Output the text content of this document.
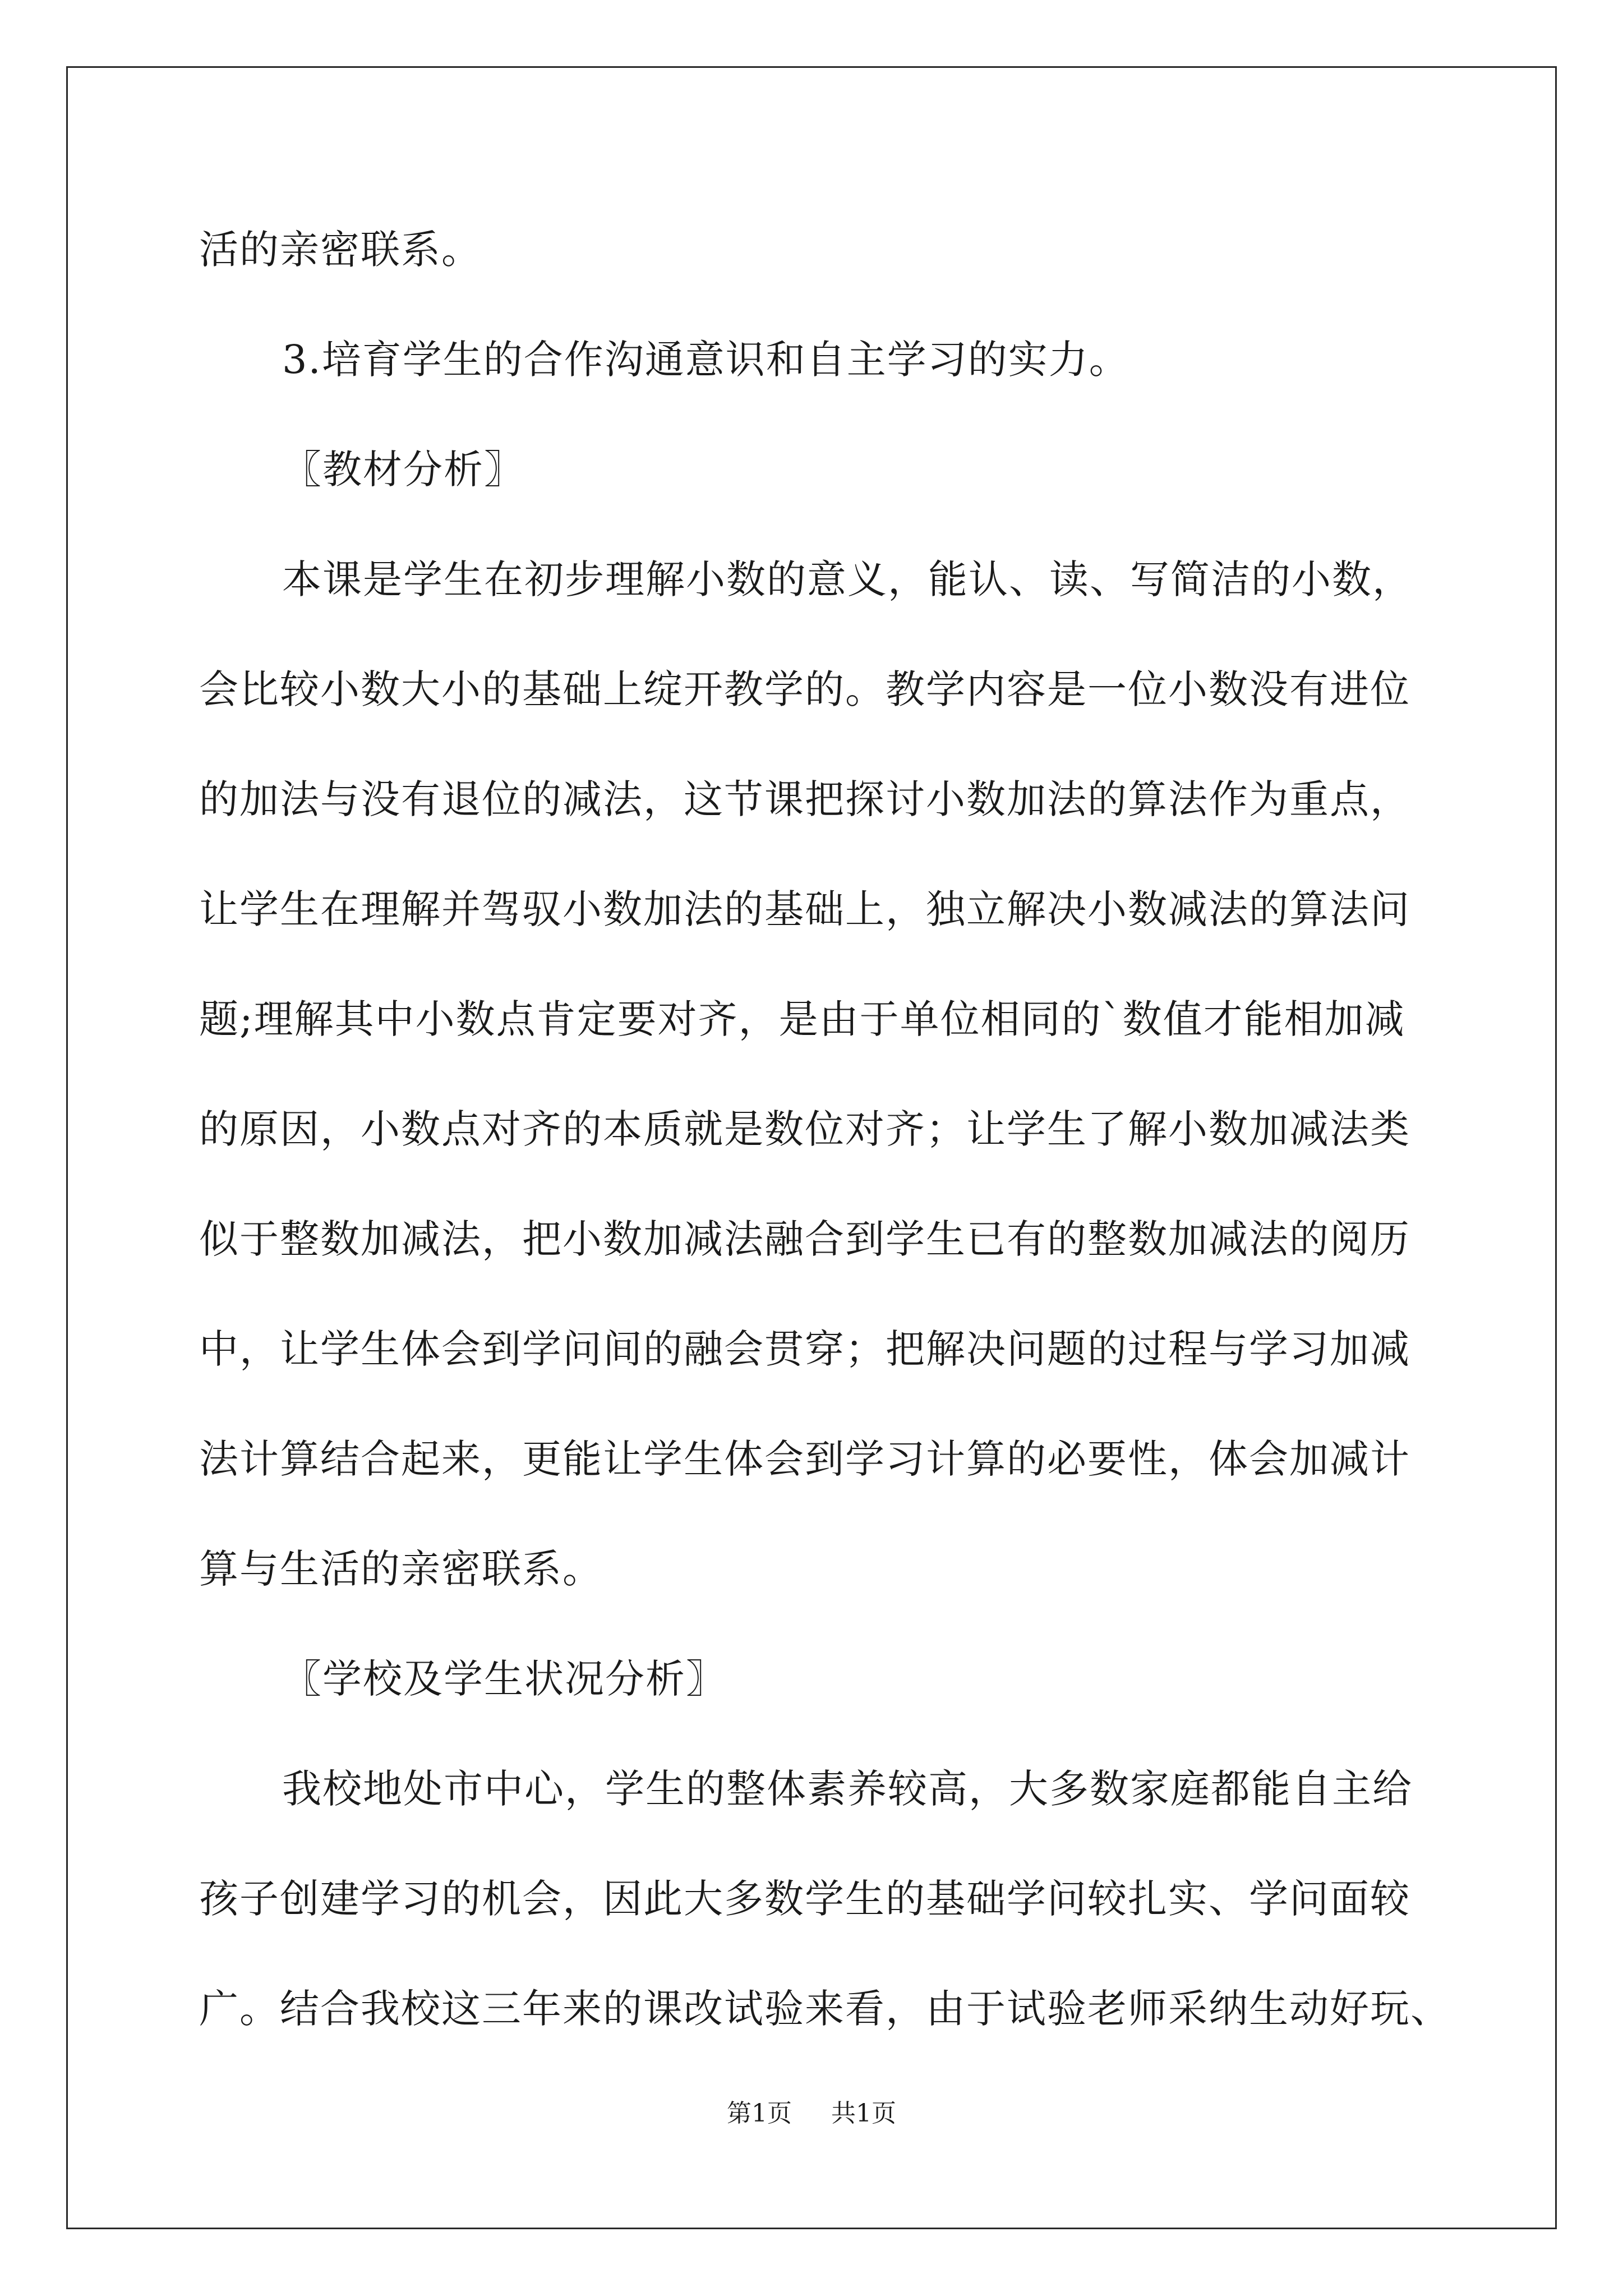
活的亲密联系。
3.培育学生的合作沟通意识和自主学习的实力。
〖教材分析〗
本课是学生在初步理解小数的意义，能认、读、写简洁的小数，
会比较小数大小的基础上绽开教学的。教学内容是一位小数没有进位
的加法与没有退位的减法，这节课把探讨小数加法的算法作为重点，
让学生在理解并驾驭小数加法的基础上，独立解决小数减法的算法问
题;理解其中小数点肯定要对齐，是由于单位相同的`数值才能相加减
的原因，小数点对齐的本质就是数位对齐；让学生了解小数加减法类
似于整数加减法，把小数加减法融合到学生已有的整数加减法的阅历
中，让学生体会到学问间的融会贯穿；把解决问题的过程与学习加减
法计算结合起来，更能让学生体会到学习计算的必要性，体会加减计
算与生活的亲密联系。
〖学校及学生状况分析〗
我校地处市中心，学生的整体素养较高，大多数家庭都能自主给
孩子创建学习的机会，因此大多数学生的基础学问较扎实、学问面较
广。结合我校这三年来的课改试验来看，由于试验老师采纳生动好玩、
第1页 共1页
